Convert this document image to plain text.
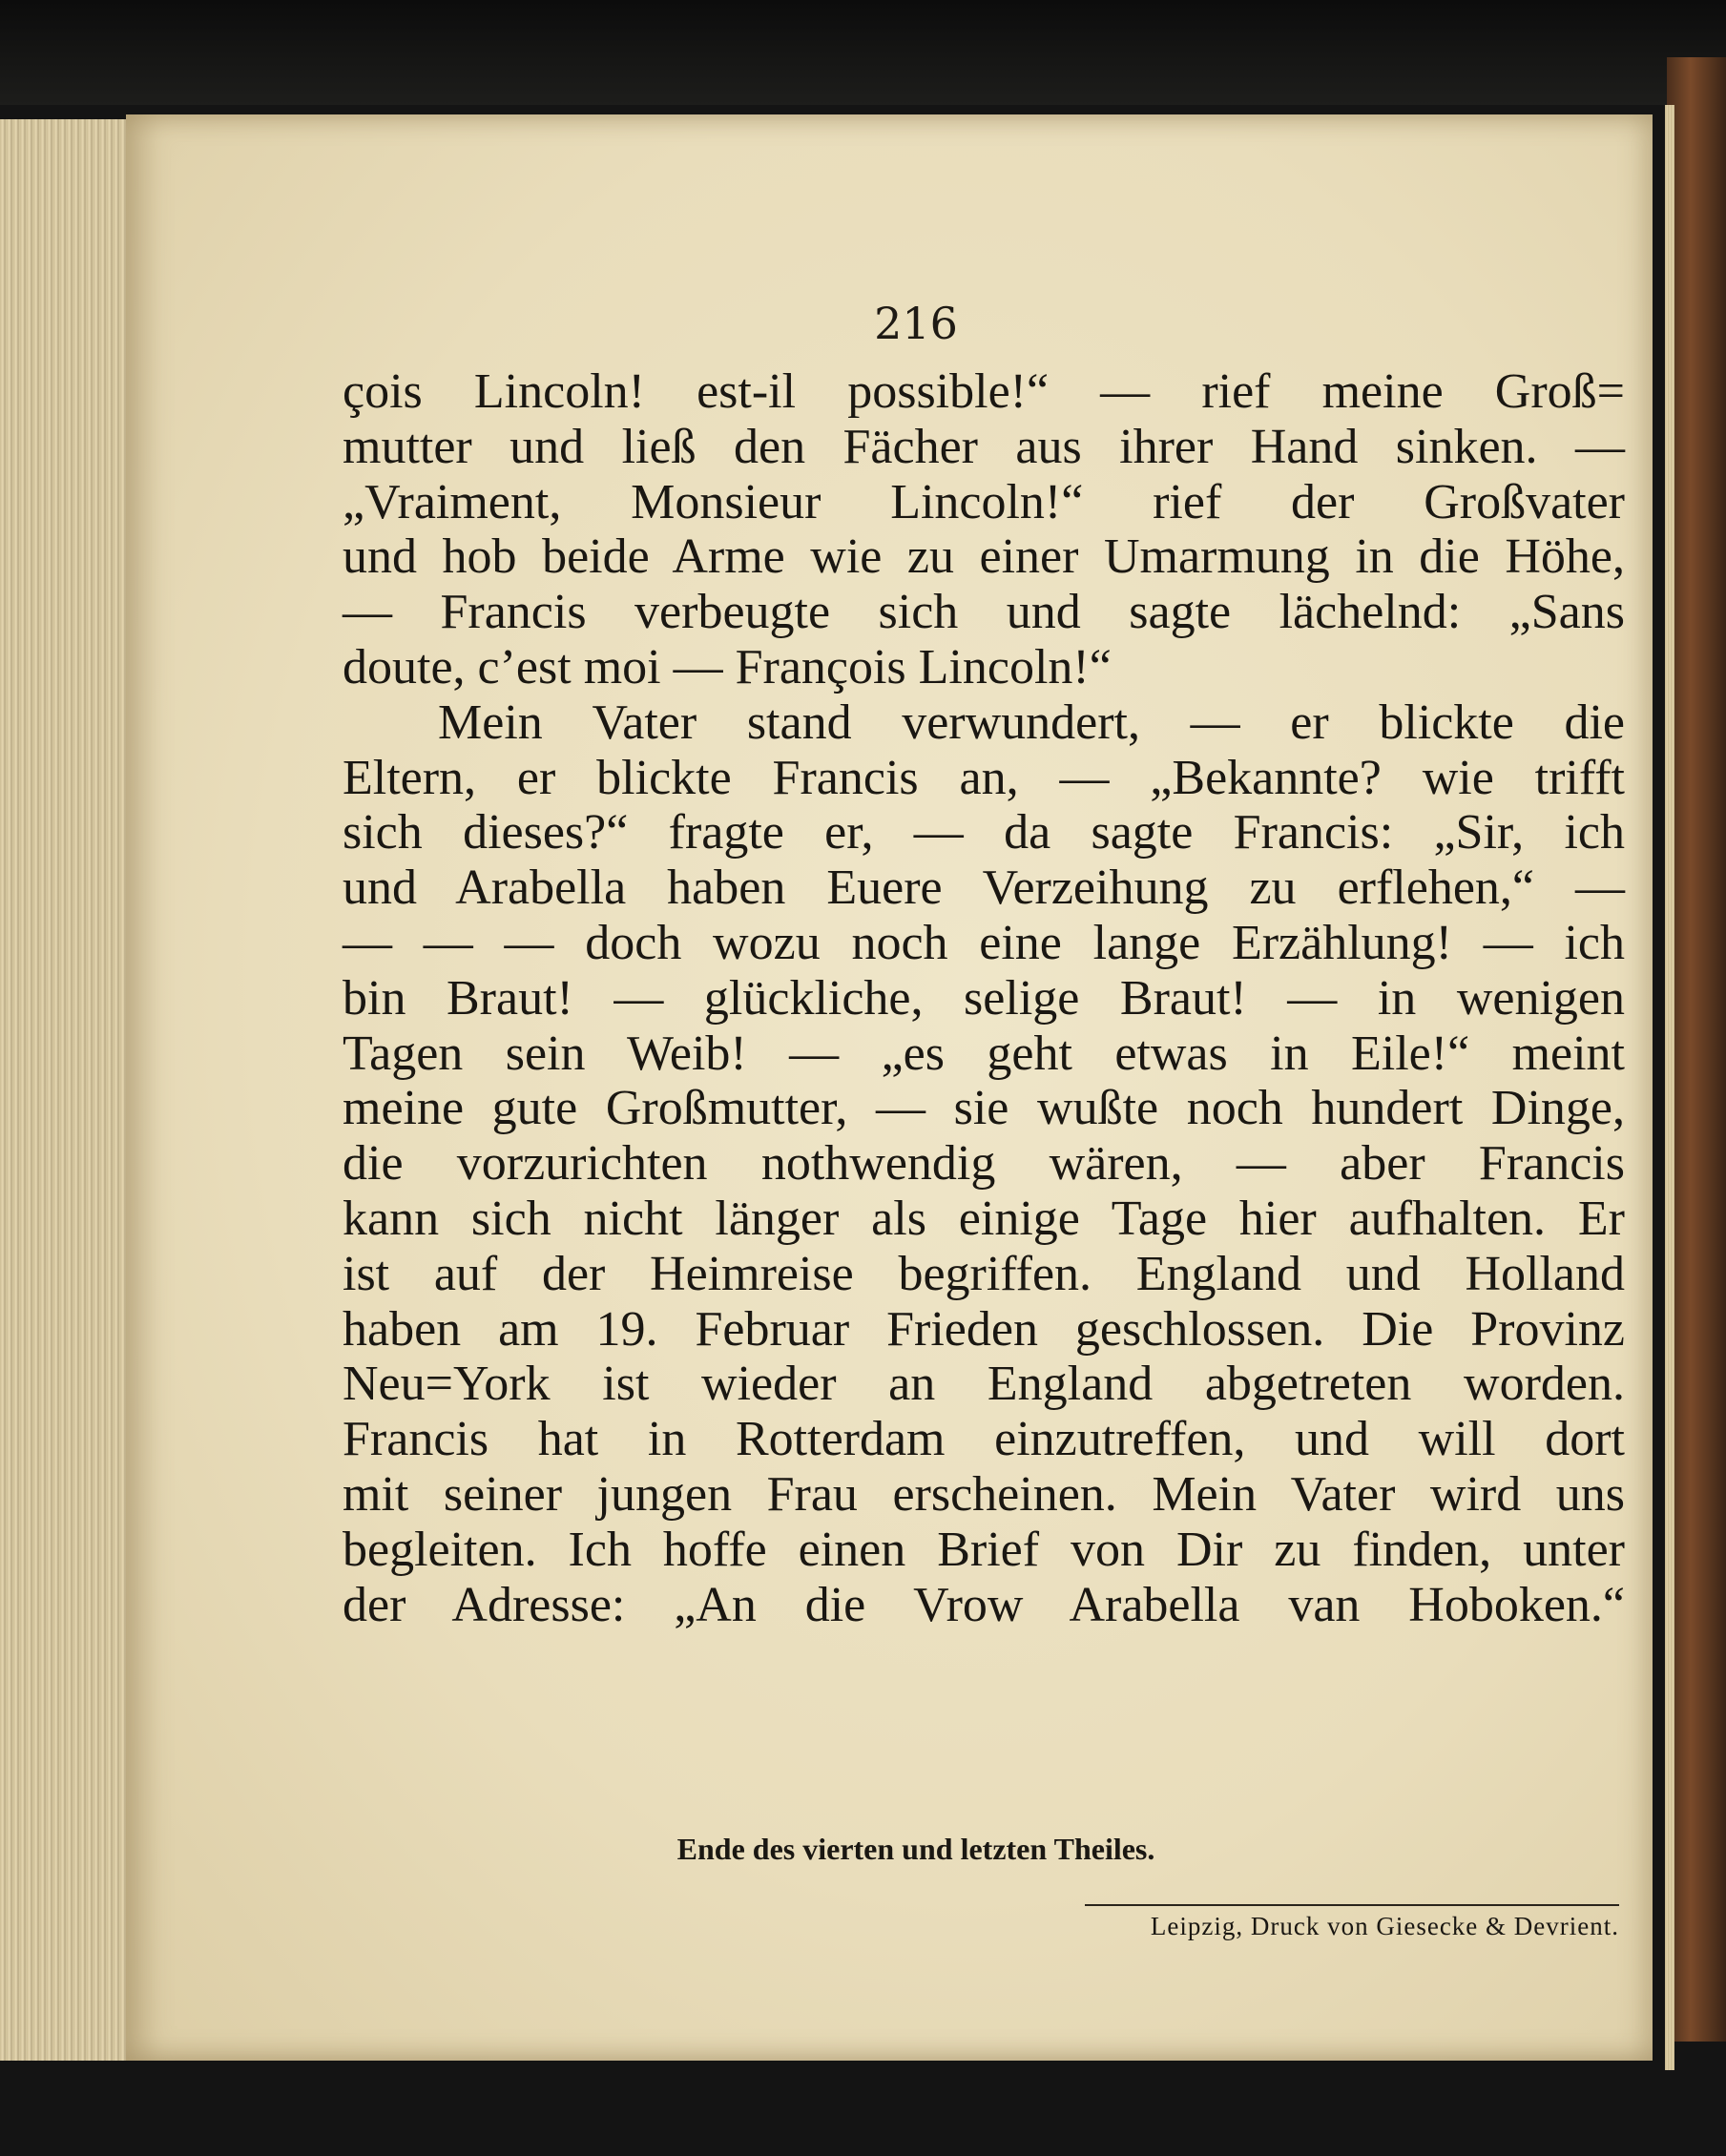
216

çois Lincoln! est-il possible!“ — rief meine Groß=
mutter und ließ den Fächer aus ihrer Hand sinken. —
„Vraiment, Monsieur Lincoln!“ rief der Großvater
und hob beide Arme wie zu einer Umarmung in die Höhe,
— Francis verbeugte sich und sagte lächelnd: „Sans
doute, c’est moi — François Lincoln!“
Mein Vater stand verwundert, — er blickte die
Eltern, er blickte Francis an, — „Bekannte? wie trifft
sich dieses?“ fragte er, — da sagte Francis: „Sir, ich
und Arabella haben Euere Verzeihung zu erflehen,“ —
— — — doch wozu noch eine lange Erzählung! — ich
bin Braut! — glückliche, selige Braut! — in wenigen
Tagen sein Weib! — „es geht etwas in Eile!“ meint
meine gute Großmutter, — sie wußte noch hundert Dinge,
die vorzurichten nothwendig wären, — aber Francis
kann sich nicht länger als einige Tage hier aufhalten. Er
ist auf der Heimreise begriffen. England und Holland
haben am 19. Februar Frieden geschlossen. Die Provinz
Neu=York ist wieder an England abgetreten worden.
Francis hat in Rotterdam einzutreffen, und will dort
mit seiner jungen Frau erscheinen. Mein Vater wird uns
begleiten. Ich hoffe einen Brief von Dir zu finden, unter
der Adresse: „An die Vrow Arabella van Hoboken.“

Ende des vierten und letzten Theiles.

Leipzig, Druck von Giesecke & Devrient.
